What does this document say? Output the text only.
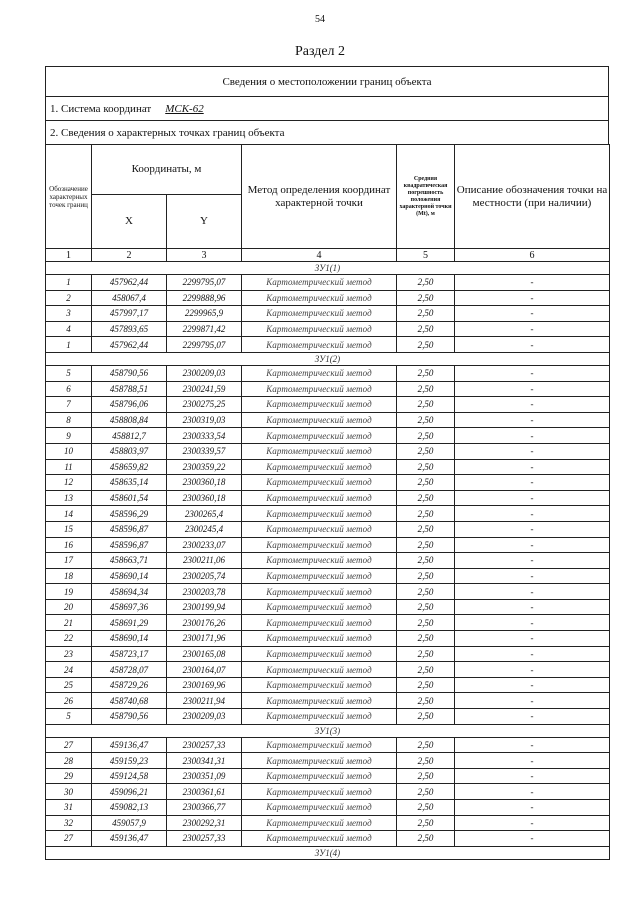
54
Раздел 2
Сведения о местоположении границ объекта
1. Система координат МСК-62
2. Сведения о характерных точках границ объекта
Обозначение характерных точек границ	Координаты, м		Метод определения координат характерной точки	Средняя квадратическая погрешность положения характерной точки (Mt), м	Описание обозначения точки на местности (при наличии)
	X	Y			
1	2	3	4	5	6
ЗУ1(1)					
1	457962,44	2299795,07	Картометрический метод	2,50	-
2	458067,4	2299888,96	Картометрический метод	2,50	-
3	457997,17	2299965,9	Картометрический метод	2,50	-
4	457893,65	2299871,42	Картометрический метод	2,50	-
1	457962,44	2299795,07	Картометрический метод	2,50	-
ЗУ1(2)					
5	458790,56	2300209,03	Картометрический метод	2,50	-
6	458788,51	2300241,59	Картометрический метод	2,50	-
7	458796,06	2300275,25	Картометрический метод	2,50	-
8	458808,84	2300319,03	Картометрический метод	2,50	-
9	458812,7	2300333,54	Картометрический метод	2,50	-
10	458803,97	2300339,57	Картометрический метод	2,50	-
11	458659,82	2300359,22	Картометрический метод	2,50	-
12	458635,14	2300360,18	Картометрический метод	2,50	-
13	458601,54	2300360,18	Картометрический метод	2,50	-
14	458596,29	2300265,4	Картометрический метод	2,50	-
15	458596,87	2300245,4	Картометрический метод	2,50	-
16	458596,87	2300233,07	Картометрический метод	2,50	-
17	458663,71	2300211,06	Картометрический метод	2,50	-
18	458690,14	2300205,74	Картометрический метод	2,50	-
19	458694,34	2300203,78	Картометрический метод	2,50	-
20	458697,36	2300199,94	Картометрический метод	2,50	-
21	458691,29	2300176,26	Картометрический метод	2,50	-
22	458690,14	2300171,96	Картометрический метод	2,50	-
23	458723,17	2300165,08	Картометрический метод	2,50	-
24	458728,07	2300164,07	Картометрический метод	2,50	-
25	458729,26	2300169,96	Картометрический метод	2,50	-
26	458740,68	2300211,94	Картометрический метод	2,50	-
5	458790,56	2300209,03	Картометрический метод	2,50	-
ЗУ1(3)					
27	459136,47	2300257,33	Картометрический метод	2,50	-
28	459159,23	2300341,31	Картометрический метод	2,50	-
29	459124,58	2300351,09	Картометрический метод	2,50	-
30	459096,21	2300361,61	Картометрический метод	2,50	-
31	459082,13	2300366,77	Картометрический метод	2,50	-
32	459057,9	2300292,31	Картометрический метод	2,50	-
27	459136,47	2300257,33	Картометрический метод	2,50	-
ЗУ1(4)					
